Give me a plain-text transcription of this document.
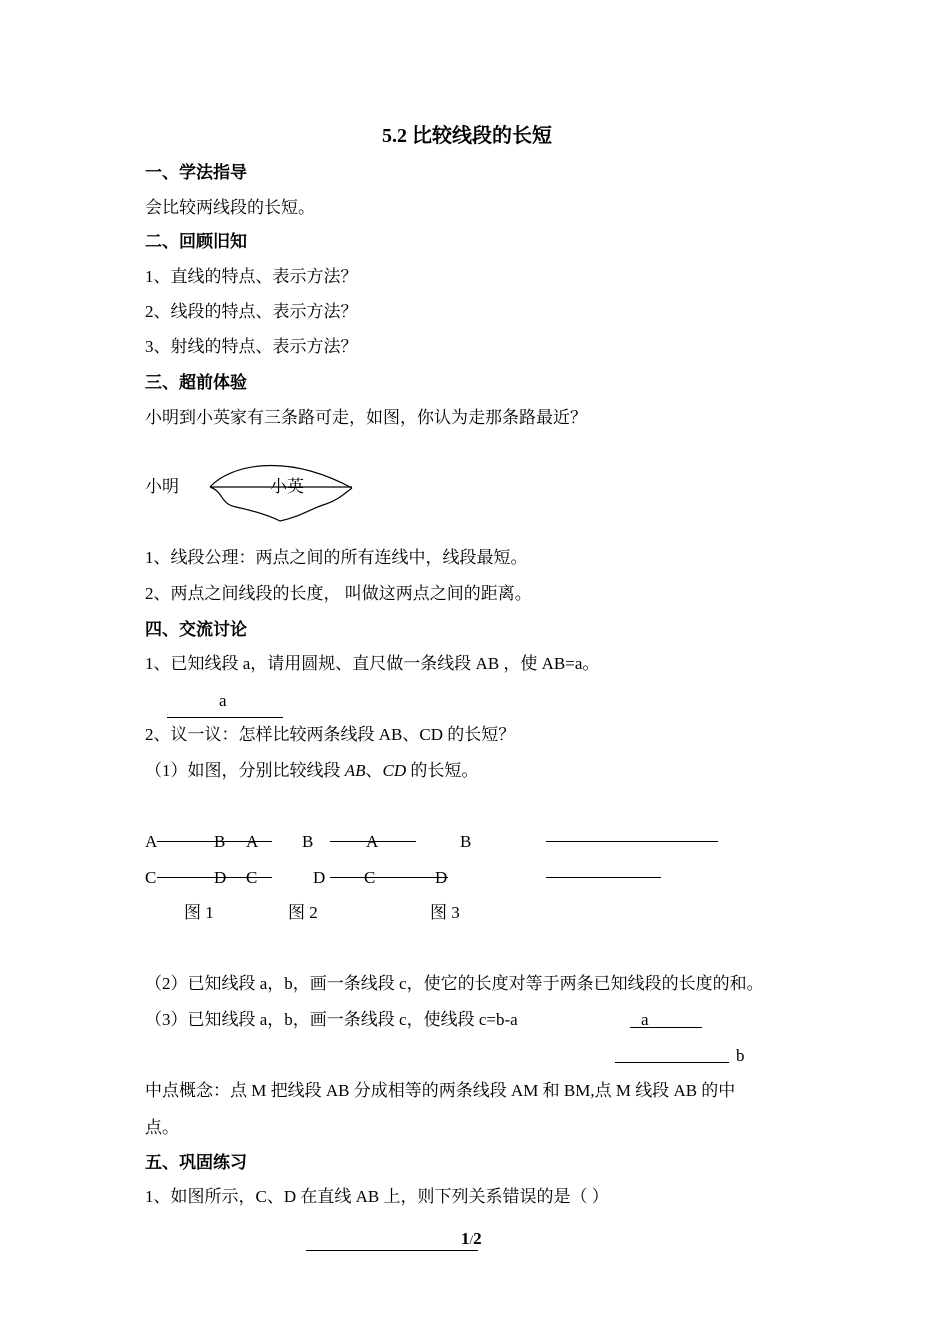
5.2 比较线段的长短
一、学法指导
会比较两线段的长短。
二、回顾旧知
1、直线的特点、表示方法？
2、线段的特点、表示方法？
3、射线的特点、表示方法？
三、超前体验
小明到小英家有三条路可走，如图，你认为走那条路最近？
小明	小英
1、线段公理：两点之间的所有连线中，线段最短。
2、两点之间线段的长度， 叫做这两点之间的距离。
四、交流讨论
1、已知线段 a，请用圆规、直尺做一条线段 AB ，使 AB=a。
a
2、议一议：怎样比较两条线段 AB、CD 的长短？
（1）如图，分别比较线段 AB、CD 的长短。
A	B A	B	A	B
C	D C	D C	D
图 1	图 2	图 3
（2）已知线段 a，b，画一条线段 c，使它的长度对等于两条已知线段的长度的和。
（3）已知线段 a，b，画一条线段 c，使线段 c=b-a	a
b
中点概念：点 M 把线段 AB 分成相等的两条线段 AM 和 BM,点 M 线段 AB 的中
点。
五、巩固练习
1、如图所示，C、D 在直线 AB 上，则下列关系错误的是（ ）
1/2
